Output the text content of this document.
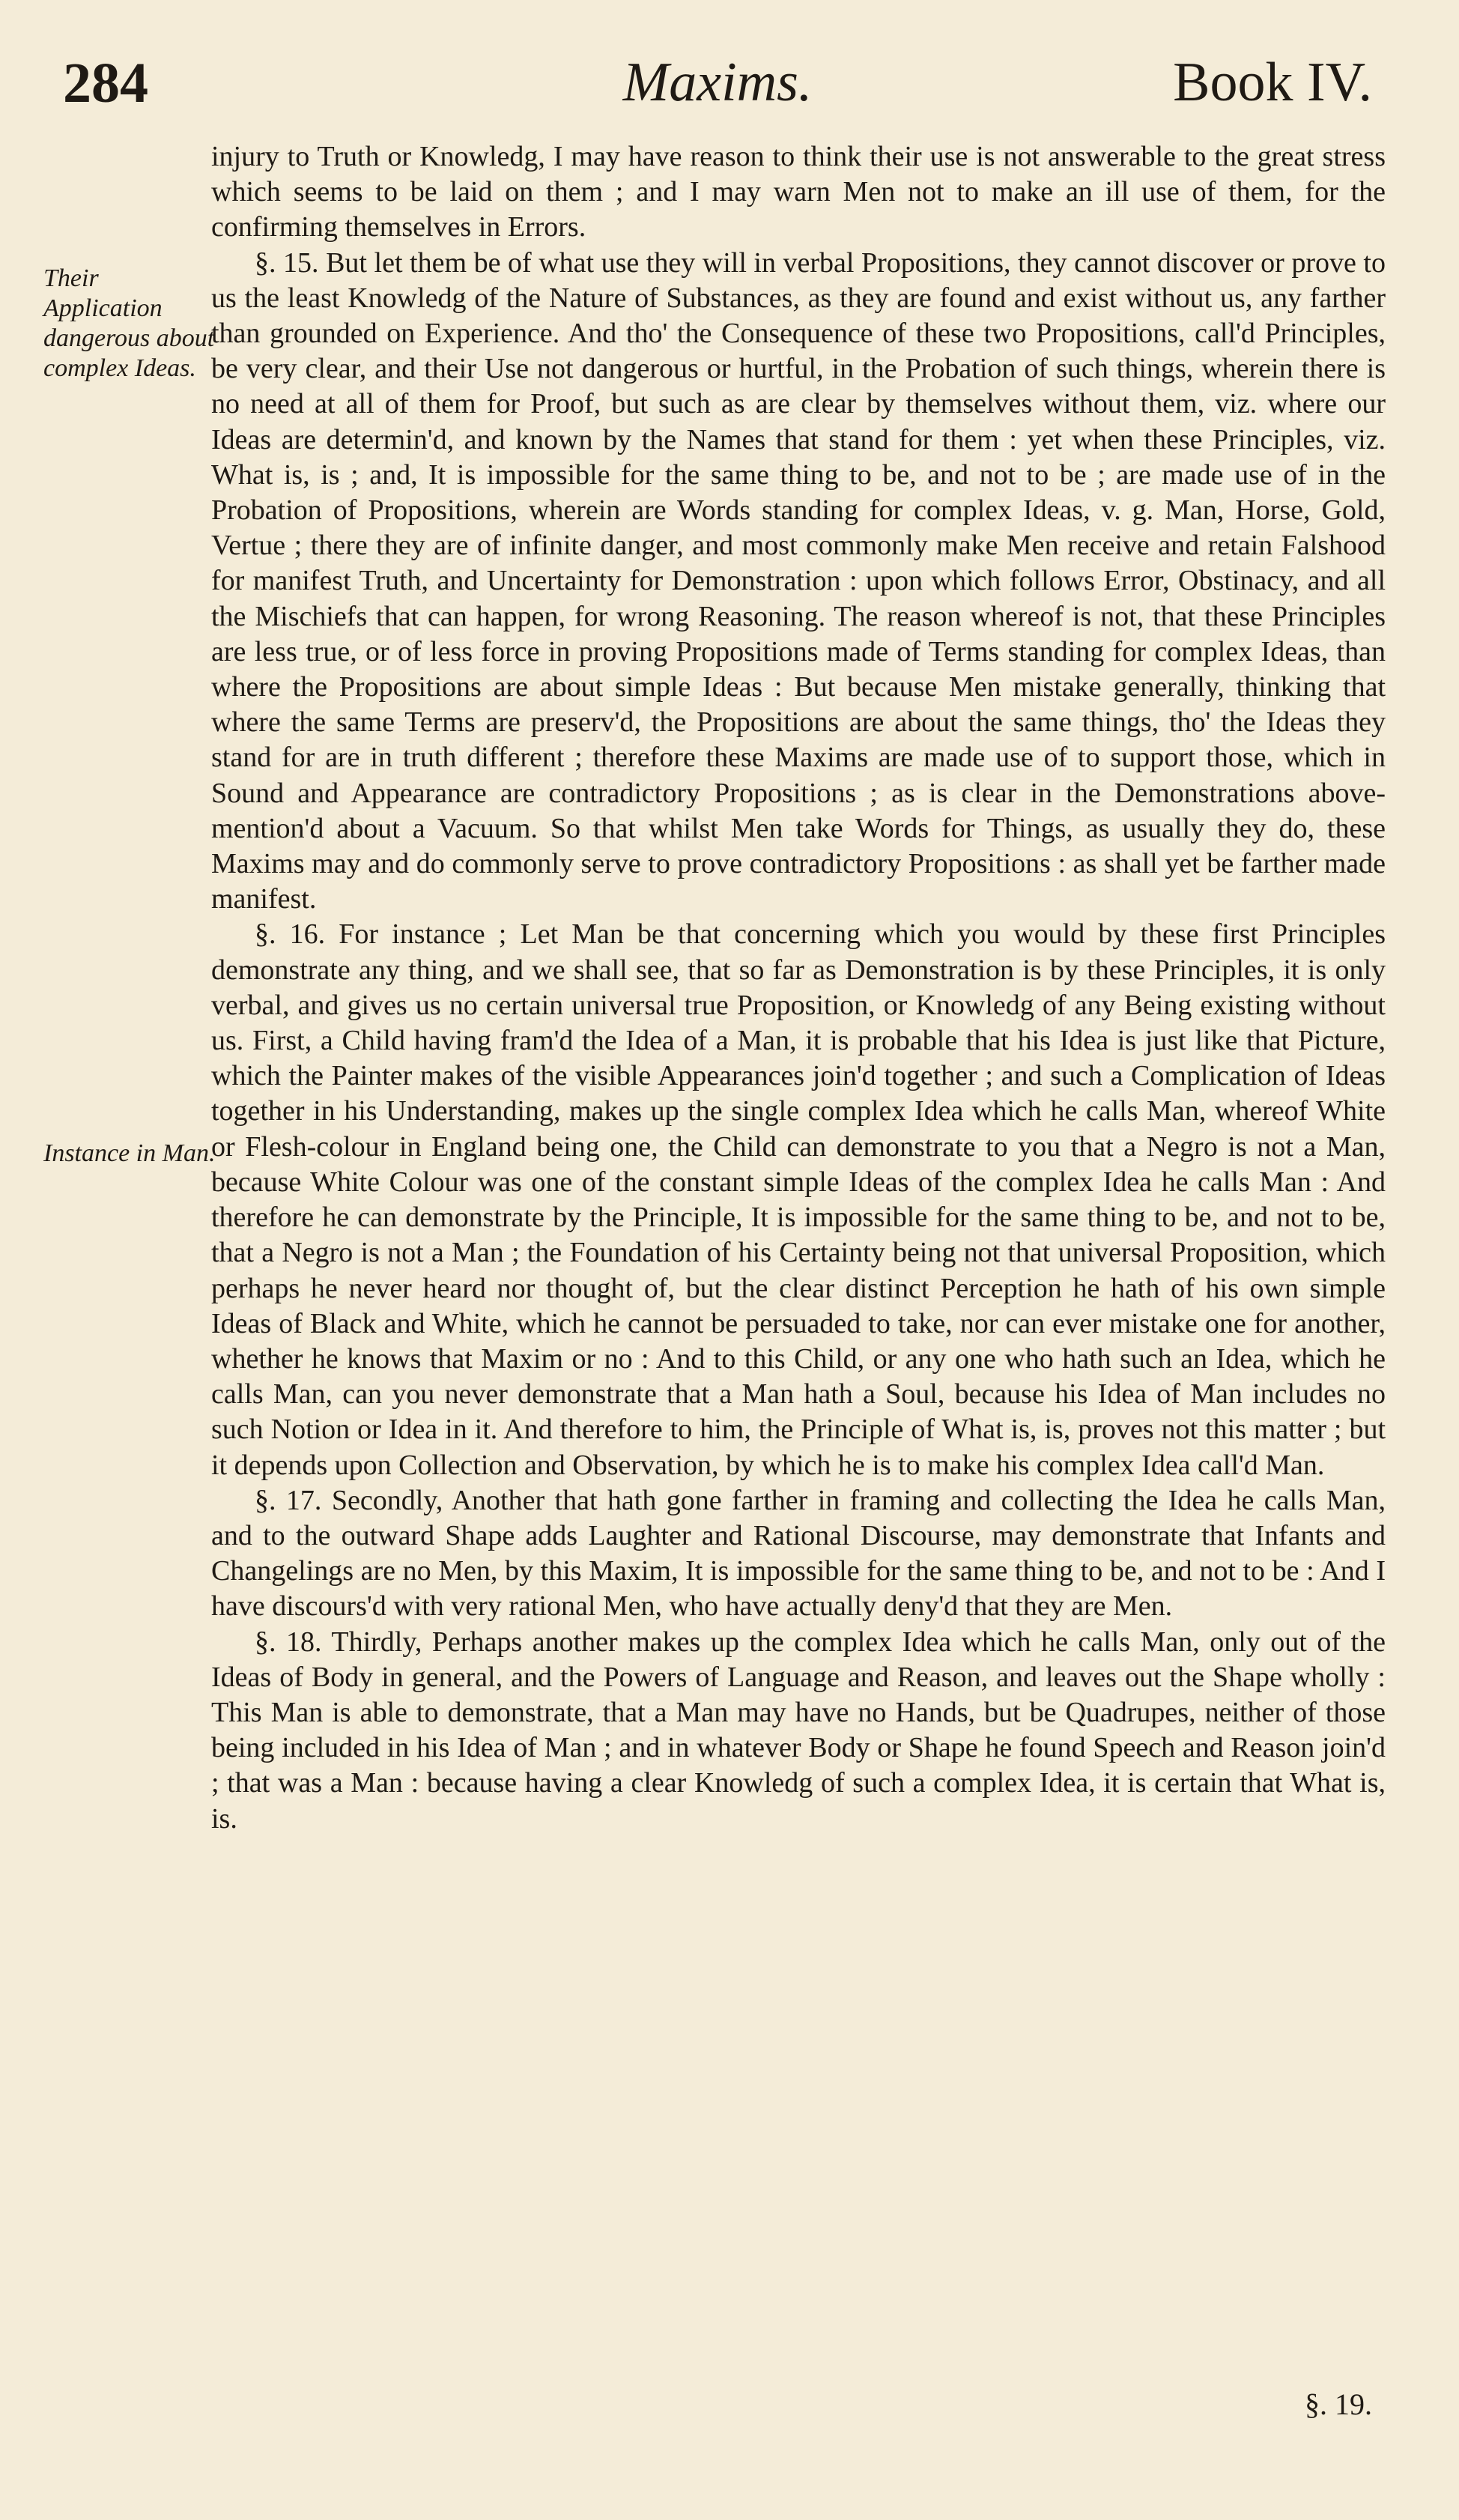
284	Maxims.	Book IV.
Their Application dangerous about complex Ideas.
Instance in Man.

injury to Truth or Knowledg, I may have reason to think their use is not answerable to the great stress which seems to be laid on them ; and I may warn Men not to make an ill use of them, for the confirming themselves in Errors.

§. 15. But let them be of what use they will in verbal Propositions, they cannot discover or prove to us the least Knowledg of the Nature of Substances, as they are found and exist without us, any farther than grounded on Experience. And tho' the Consequence of these two Propositions, call'd Principles, be very clear, and their Use not dangerous or hurtful, in the Probation of such things, wherein there is no need at all of them for Proof, but such as are clear by themselves without them, viz. where our Ideas are determin'd, and known by the Names that stand for them : yet when these Principles, viz. What is, is ; and, It is impossible for the same thing to be, and not to be ; are made use of in the Probation of Propositions, wherein are Words standing for complex Ideas, v. g. Man, Horse, Gold, Vertue ; there they are of infinite danger, and most commonly make Men receive and retain Falshood for manifest Truth, and Uncertainty for Demonstration : upon which follows Error, Obstinacy, and all the Mischiefs that can happen, for wrong Reasoning. The reason whereof is not, that these Principles are less true, or of less force in proving Propositions made of Terms standing for complex Ideas, than where the Propositions are about simple Ideas : But because Men mistake generally, thinking that where the same Terms are preserv'd, the Propositions are about the same things, tho' the Ideas they stand for are in truth different ; therefore these Maxims are made use of to support those, which in Sound and Appearance are contradictory Propositions ; as is clear in the Demonstrations above-mention'd about a Vacuum. So that whilst Men take Words for Things, as usually they do, these Maxims may and do commonly serve to prove contradictory Propositions : as shall yet be farther made manifest.

§. 16. For instance ; Let Man be that concerning which you would by these first Principles demonstrate any thing, and we shall see, that so far as Demonstration is by these Principles, it is only verbal, and gives us no certain universal true Proposition, or Knowledg of any Being existing without us. First, a Child having fram'd the Idea of a Man, it is probable that his Idea is just like that Picture, which the Painter makes of the visible Appearances join'd together ; and such a Complication of Ideas together in his Understanding, makes up the single complex Idea which he calls Man, whereof White or Flesh-colour in England being one, the Child can demonstrate to you that a Negro is not a Man, because White Colour was one of the constant simple Ideas of the complex Idea he calls Man : And therefore he can demonstrate by the Principle, It is impossible for the same thing to be, and not to be, that a Negro is not a Man ; the Foundation of his Certainty being not that universal Proposition, which perhaps he never heard nor thought of, but the clear distinct Perception he hath of his own simple Ideas of Black and White, which he cannot be persuaded to take, nor can ever mistake one for another, whether he knows that Maxim or no : And to this Child, or any one who hath such an Idea, which he calls Man, can you never demonstrate that a Man hath a Soul, because his Idea of Man includes no such Notion or Idea in it. And therefore to him, the Principle of What is, is, proves not this matter ; but it depends upon Collection and Observation, by which he is to make his complex Idea call'd Man.

§. 17. Secondly, Another that hath gone farther in framing and collecting the Idea he calls Man, and to the outward Shape adds Laughter and Rational Discourse, may demonstrate that Infants and Changelings are no Men, by this Maxim, It is impossible for the same thing to be, and not to be : And I have discours'd with very rational Men, who have actually deny'd that they are Men.

§. 18. Thirdly, Perhaps another makes up the complex Idea which he calls Man, only out of the Ideas of Body in general, and the Powers of Language and Reason, and leaves out the Shape wholly : This Man is able to demonstrate, that a Man may have no Hands, but be Quadrupes, neither of those being included in his Idea of Man ; and in whatever Body or Shape he found Speech and Reason join'd ; that was a Man : because having a clear Knowledg of such a complex Idea, it is certain that What is, is.

§. 19.
